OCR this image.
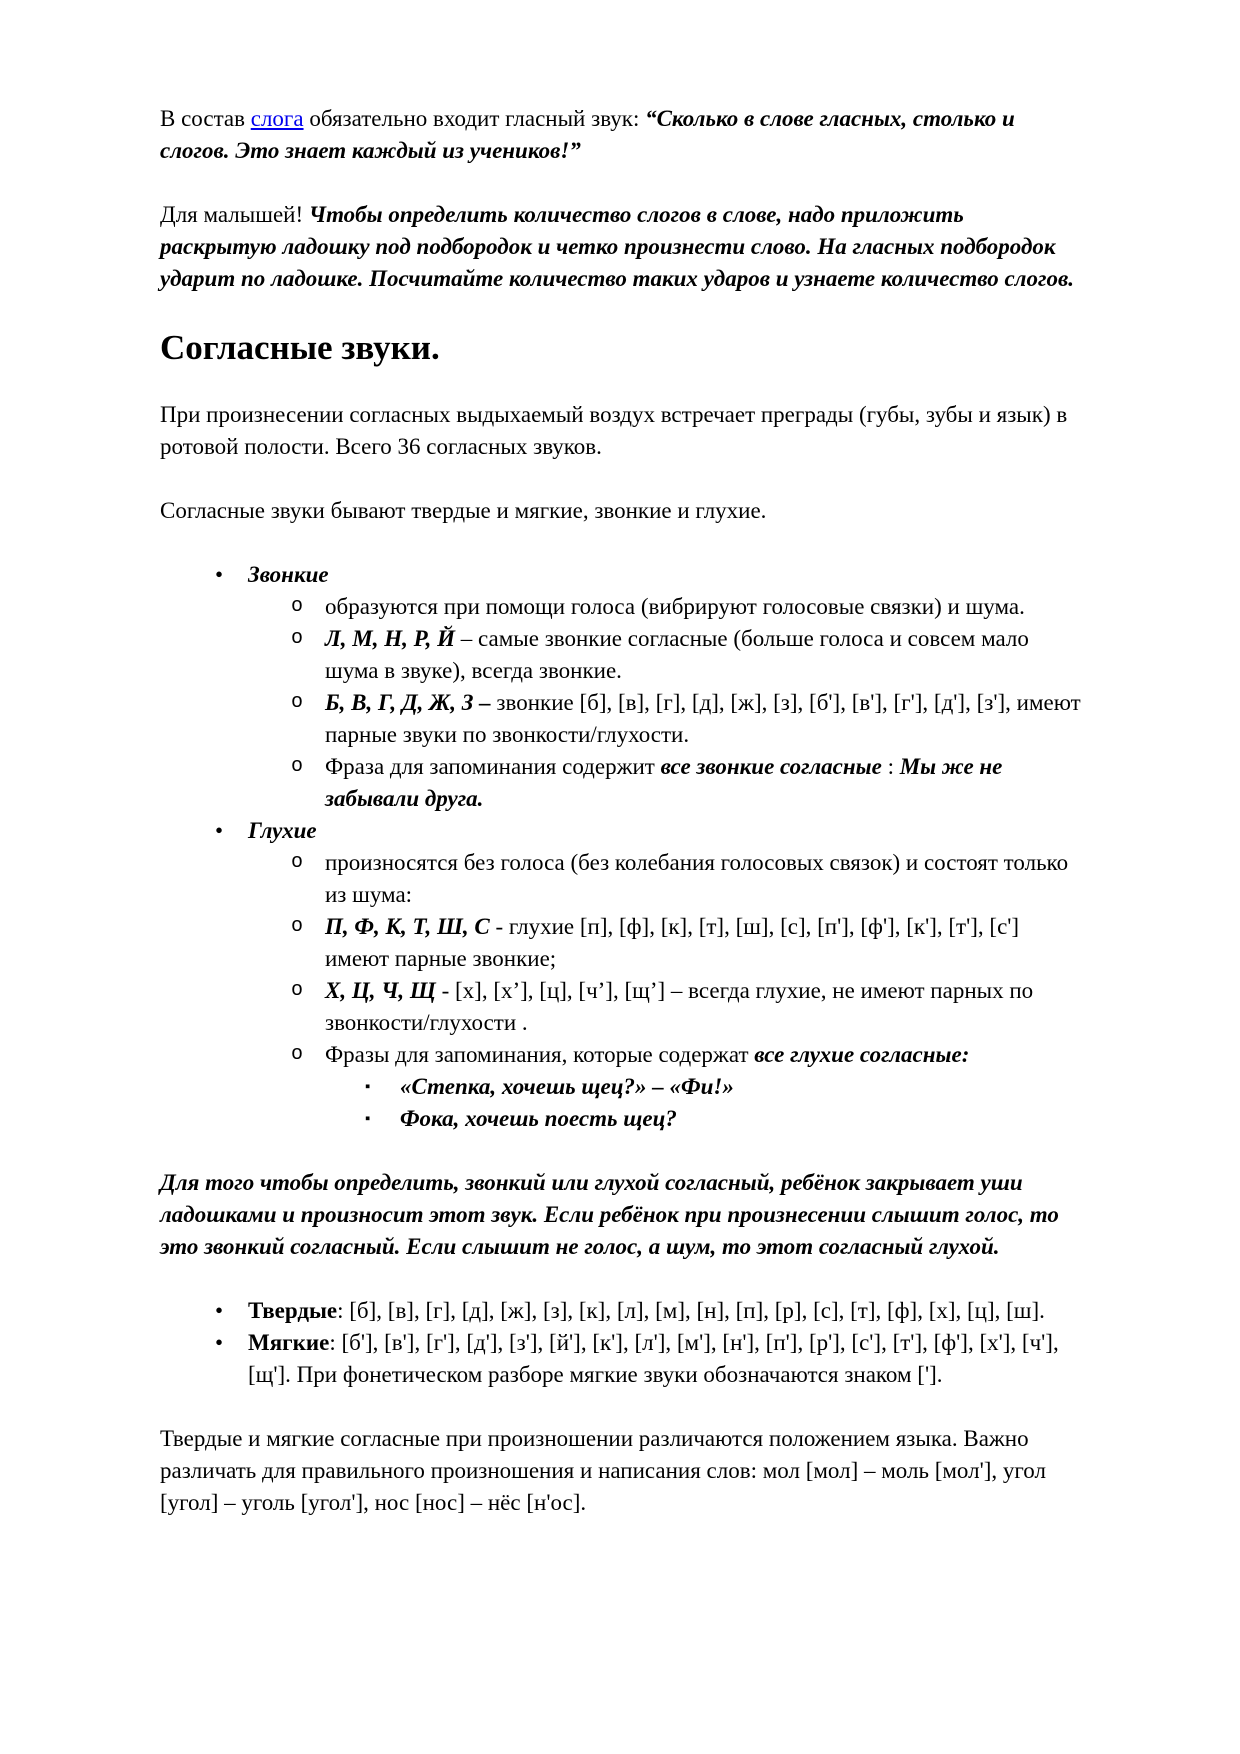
В состав слога обязательно входит гласный звук: “Сколько в слове гласных, столько и слогов. Это знает каждый из учеников!”

Для малышей! Чтобы определить количество слогов в слове, надо приложить раскрытую ладошку под подбородок и четко произнести слово. На гласных подбородок ударит по ладошке. Посчитайте количество таких ударов и узнаете количество слогов.

Согласные звуки.

При произнесении согласных выдыхаемый воздух встречает преграды (губы, зубы и язык) в ротовой полости. Всего 36 согласных звуков.

Согласные звуки бывают твердые и мягкие, звонкие и глухие.

•	Звонкие
o образуются при помощи голоса (вибрируют голосовые связки) и шума.
o Л, М, Н, Р, Й – самые звонкие согласные (больше голоса и совсем мало шума в звуке), всегда звонкие.
o Б, В, Г, Д, Ж, З – звонкие [б], [в], [г], [д], [ж], [з], [б'], [в'], [г'], [д'], [з'], имеют парные звуки по звонкости/глухости.
o Фраза для запоминания содержит все звонкие согласные : Мы же не забывали друга.
•	Глухие
o произносятся без голоса (без колебания голосовых связок) и состоят только из шума:
o П, Ф, К, Т, Ш, С - глухие [п], [ф], [к], [т], [ш], [с], [п'], [ф'], [к'], [т'], [с'] имеют парные звонкие;
o Х, Ц, Ч, Щ - [х], [х’], [ц], [ч’], [щ’] – всегда глухие, не имеют парных по звонкости/глухости .
o Фразы для запоминания, которые содержат все глухие согласные:
▪	«Степка, хочешь щец?» – «Фи!»
▪	Фока, хочешь поесть щец?

Для того чтобы определить, звонкий или глухой согласный, ребёнок закрывает уши ладошками и произносит этот звук. Если ребёнок при произнесении слышит голос, то это звонкий согласный. Если слышит не голос, а шум, то этот согласный глухой.

•	Твердые: [б], [в], [г], [д], [ж], [з], [к], [л], [м], [н], [п], [р], [с], [т], [ф], [х], [ц], [ш].
•	Мягкие: [б'], [в'], [г'], [д'], [з'], [й'], [к'], [л'], [м'], [н'], [п'], [р'], [с'], [т'], [ф'], [х'], [ч'], [щ']. При фонетическом разборе мягкие звуки обозначаются знаком ['].

Твердые и мягкие согласные при произношении различаются положением языка. Важно различать для правильного произношения и написания слов: мол [мол] – моль [мол'], угол [угол] – уголь [угол'], нос [нос] – нёс [н'ос].
